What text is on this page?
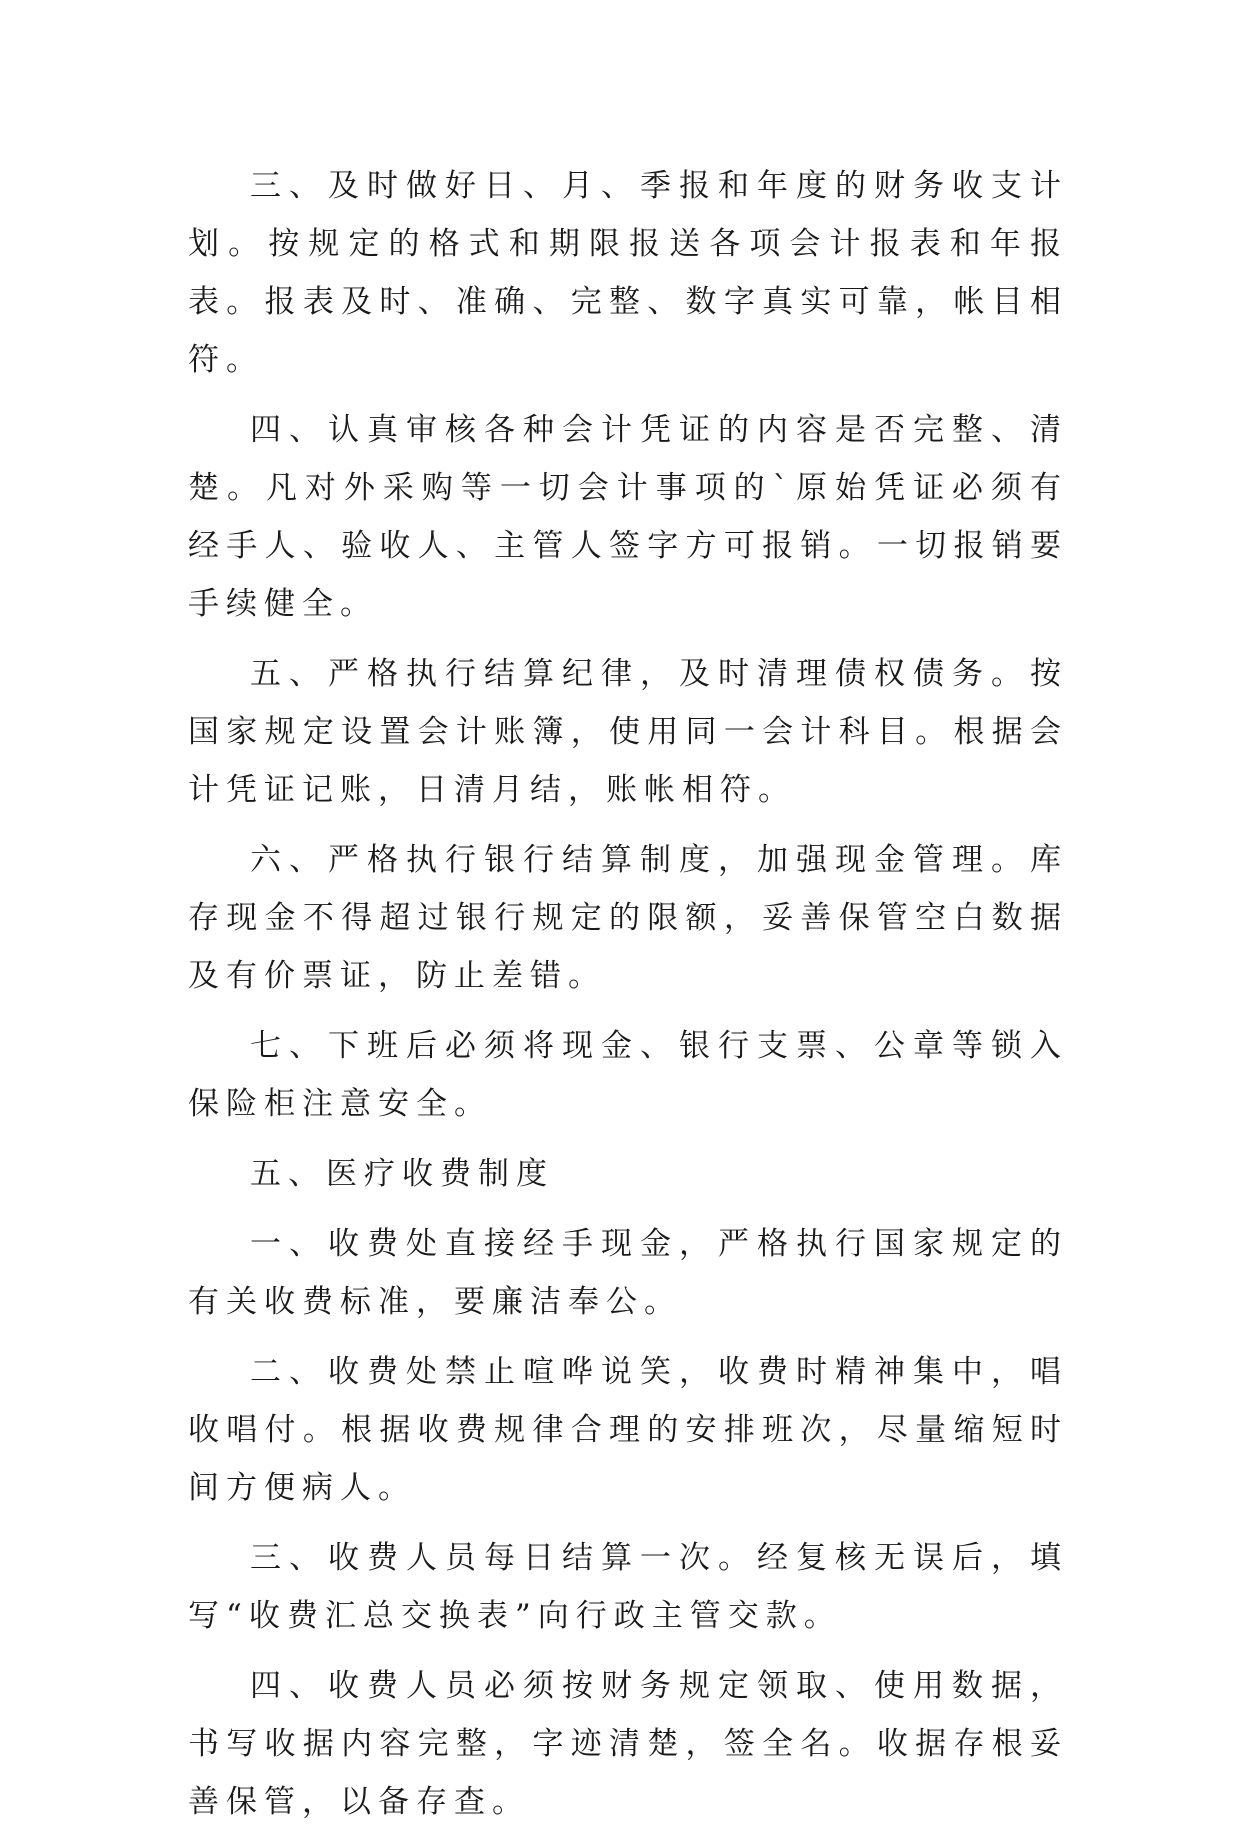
三、及时做好日、月、季报和年度的财务收支计划。按规定的格式和期限报送各项会计报表和年报表。报表及时、准确、完整、数字真实可靠，帐目相符。

四、认真审核各种会计凭证的内容是否完整、清楚。凡对外采购等一切会计事项的`原始凭证必须有经手人、验收人、主管人签字方可报销。一切报销要手续健全。

五、严格执行结算纪律，及时清理债权债务。按国家规定设置会计账簿，使用同一会计科目。根据会计凭证记账，日清月结，账帐相符。

六、严格执行银行结算制度，加强现金管理。库存现金不得超过银行规定的限额，妥善保管空白数据及有价票证，防止差错。

七、下班后必须将现金、银行支票、公章等锁入保险柜注意安全。

五、医疗收费制度

一、收费处直接经手现金，严格执行国家规定的有关收费标准，要廉洁奉公。

二、收费处禁止喧哗说笑，收费时精神集中，唱收唱付。根据收费规律合理的安排班次，尽量缩短时间方便病人。

三、收费人员每日结算一次。经复核无误后，填写“收费汇总交换表”向行政主管交款。

四、收费人员必须按财务规定领取、使用数据，书写收据内容完整，字迹清楚，签全名。收据存根妥善保管，以备存查。
